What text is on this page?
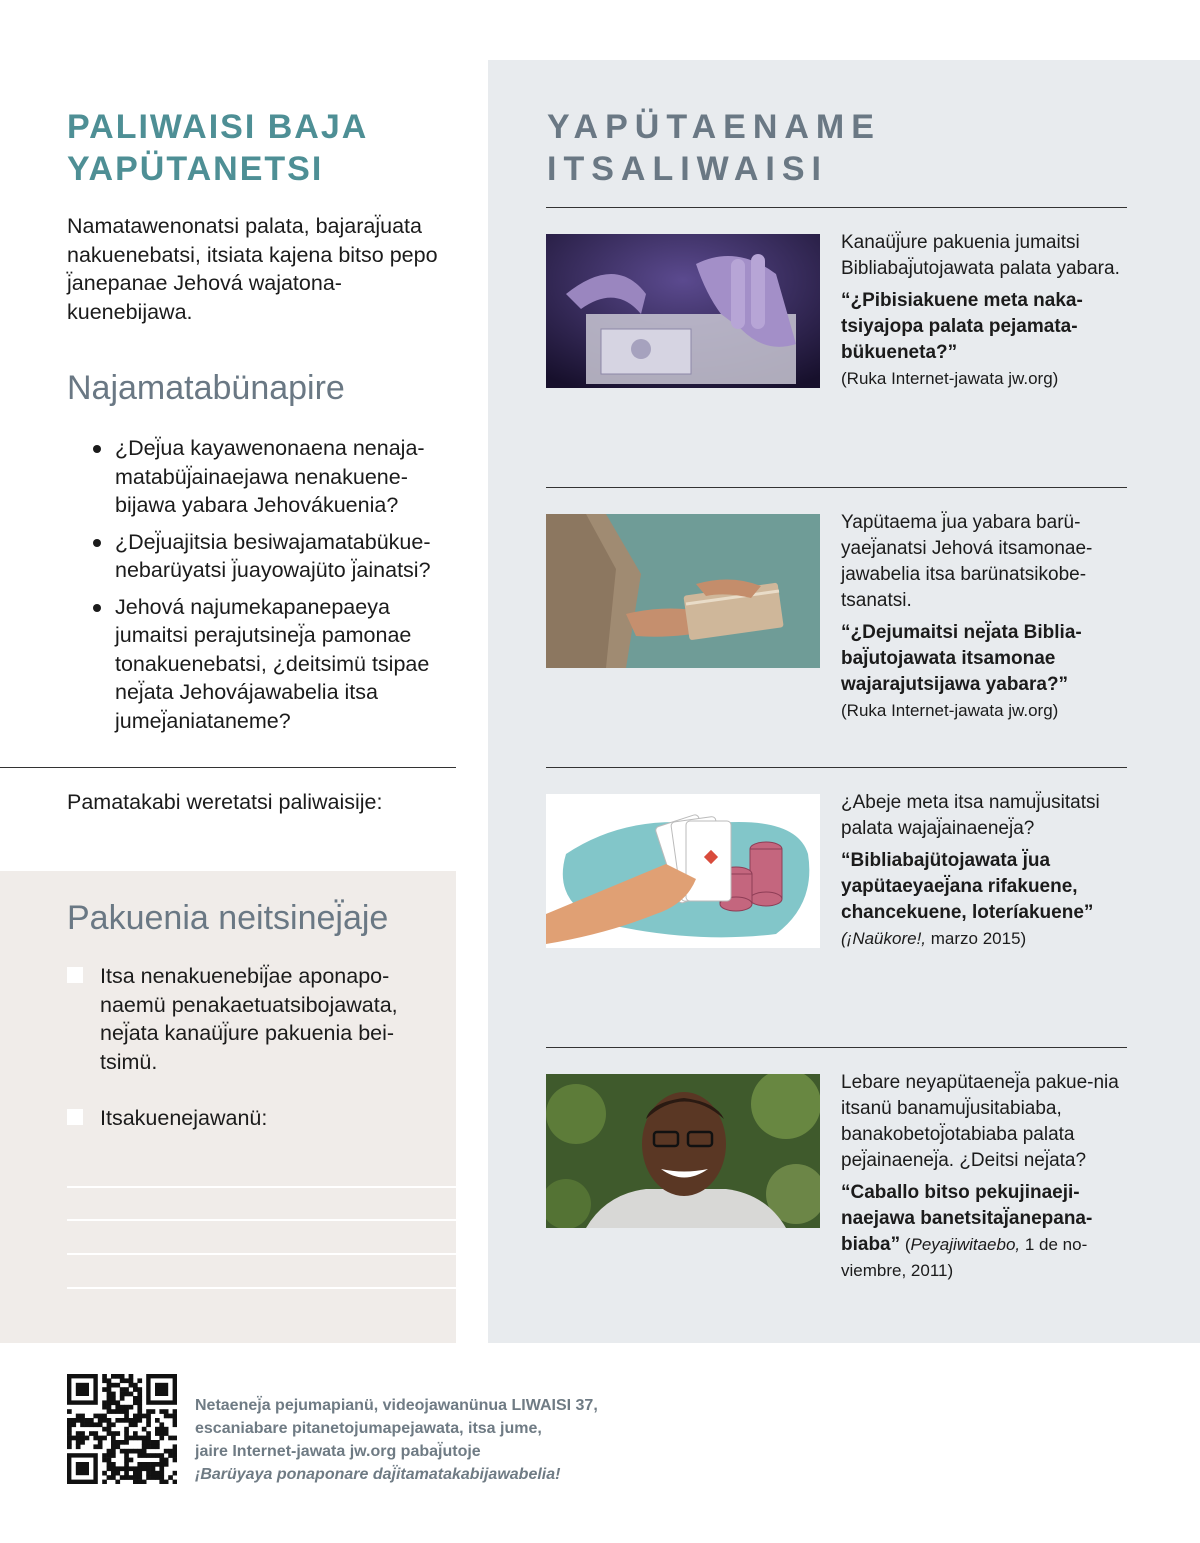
PALIWAISI BAJA

YAPÜTANETSI

Namatawenonatsi palata, bajaraj̈uata nakuenebatsi, itsiata kajena bitso pepo j̈anepanae Jehová wajatona-kuenebijawa.

Najamatabünapire

¿Dej̈ua kayawenonaena nenaja-matabüj̈ainaejawa nenakuene-bijawa yabara Jehovákuenia?
¿Dej̈uajitsia besiwajamatabükue-nebarüyatsi j̈uayowajüto j̈ainatsi?
Jehová najumekapanepaeya jumaitsi perajutsinej̈a pamonae tonakuenebatsi, ¿deitsimü tsipae nej̈ata Jehovájawabelia itsa jumej̈aniataneme?

Pamatakabi weretatsi paliwaisije:

Pakuenia neitsinej̈aje

Itsa nenakuenebij̈ae aponapo-naemü penakaetuatsibojawata, nej̈ata kanaüj̈ure pakuenia bei-tsimü.
Itsakuenejawanü:

YAPÜTAENAME

ITSALIWAISI

Kanaüj̈ure pakuenia jumaitsi Bibliabaj̈utojawata palata yabara.

“¿Pibisiakuene meta naka-tsiyajopa palata pejamata-bükueneta?”

(Ruka Internet-jawata jw.org)

Yapütaema j̈ua yabara barü-yaej̈anatsi Jehová itsamonae-jawabelia itsa barünatsikobe-tsanatsi.

“¿Dejumaitsi nej̈ata Biblia-baj̈utojawata itsamonae wajarajutsijawa yabara?”

(Ruka Internet-jawata jw.org)

¿Abeje meta itsa namuj̈usitatsi palata wajaj̈ainaenej̈a?

“Bibliabajütojawata j̈ua yapütaeyaej̈ana rifakuene, chancekuene, loteríakuene”

(¡Naükore!, marzo 2015)

Lebare neyapütaenej̈a pakue-nia itsanü banamuj̈usitabiaba, banakobetoj̈otabiaba palata pej̈ainaenej̈a. ¿Deitsi nej̈ata?

“Caballo bitso pekujinaeji-naejawa banetsitaj̈anepana-biaba” (Peyajiwitaebo, 1 de no-viembre, 2011)

Netaenej̈a pejumapianü, videojawanünua LIWAISI 37,
escaniabare pitanetojumapejawata, itsa jume,
jaire Internet-jawata jw.org pabaj̈utoje
¡Barüyaya ponaponare daj̈itamatakabijawabelia!
